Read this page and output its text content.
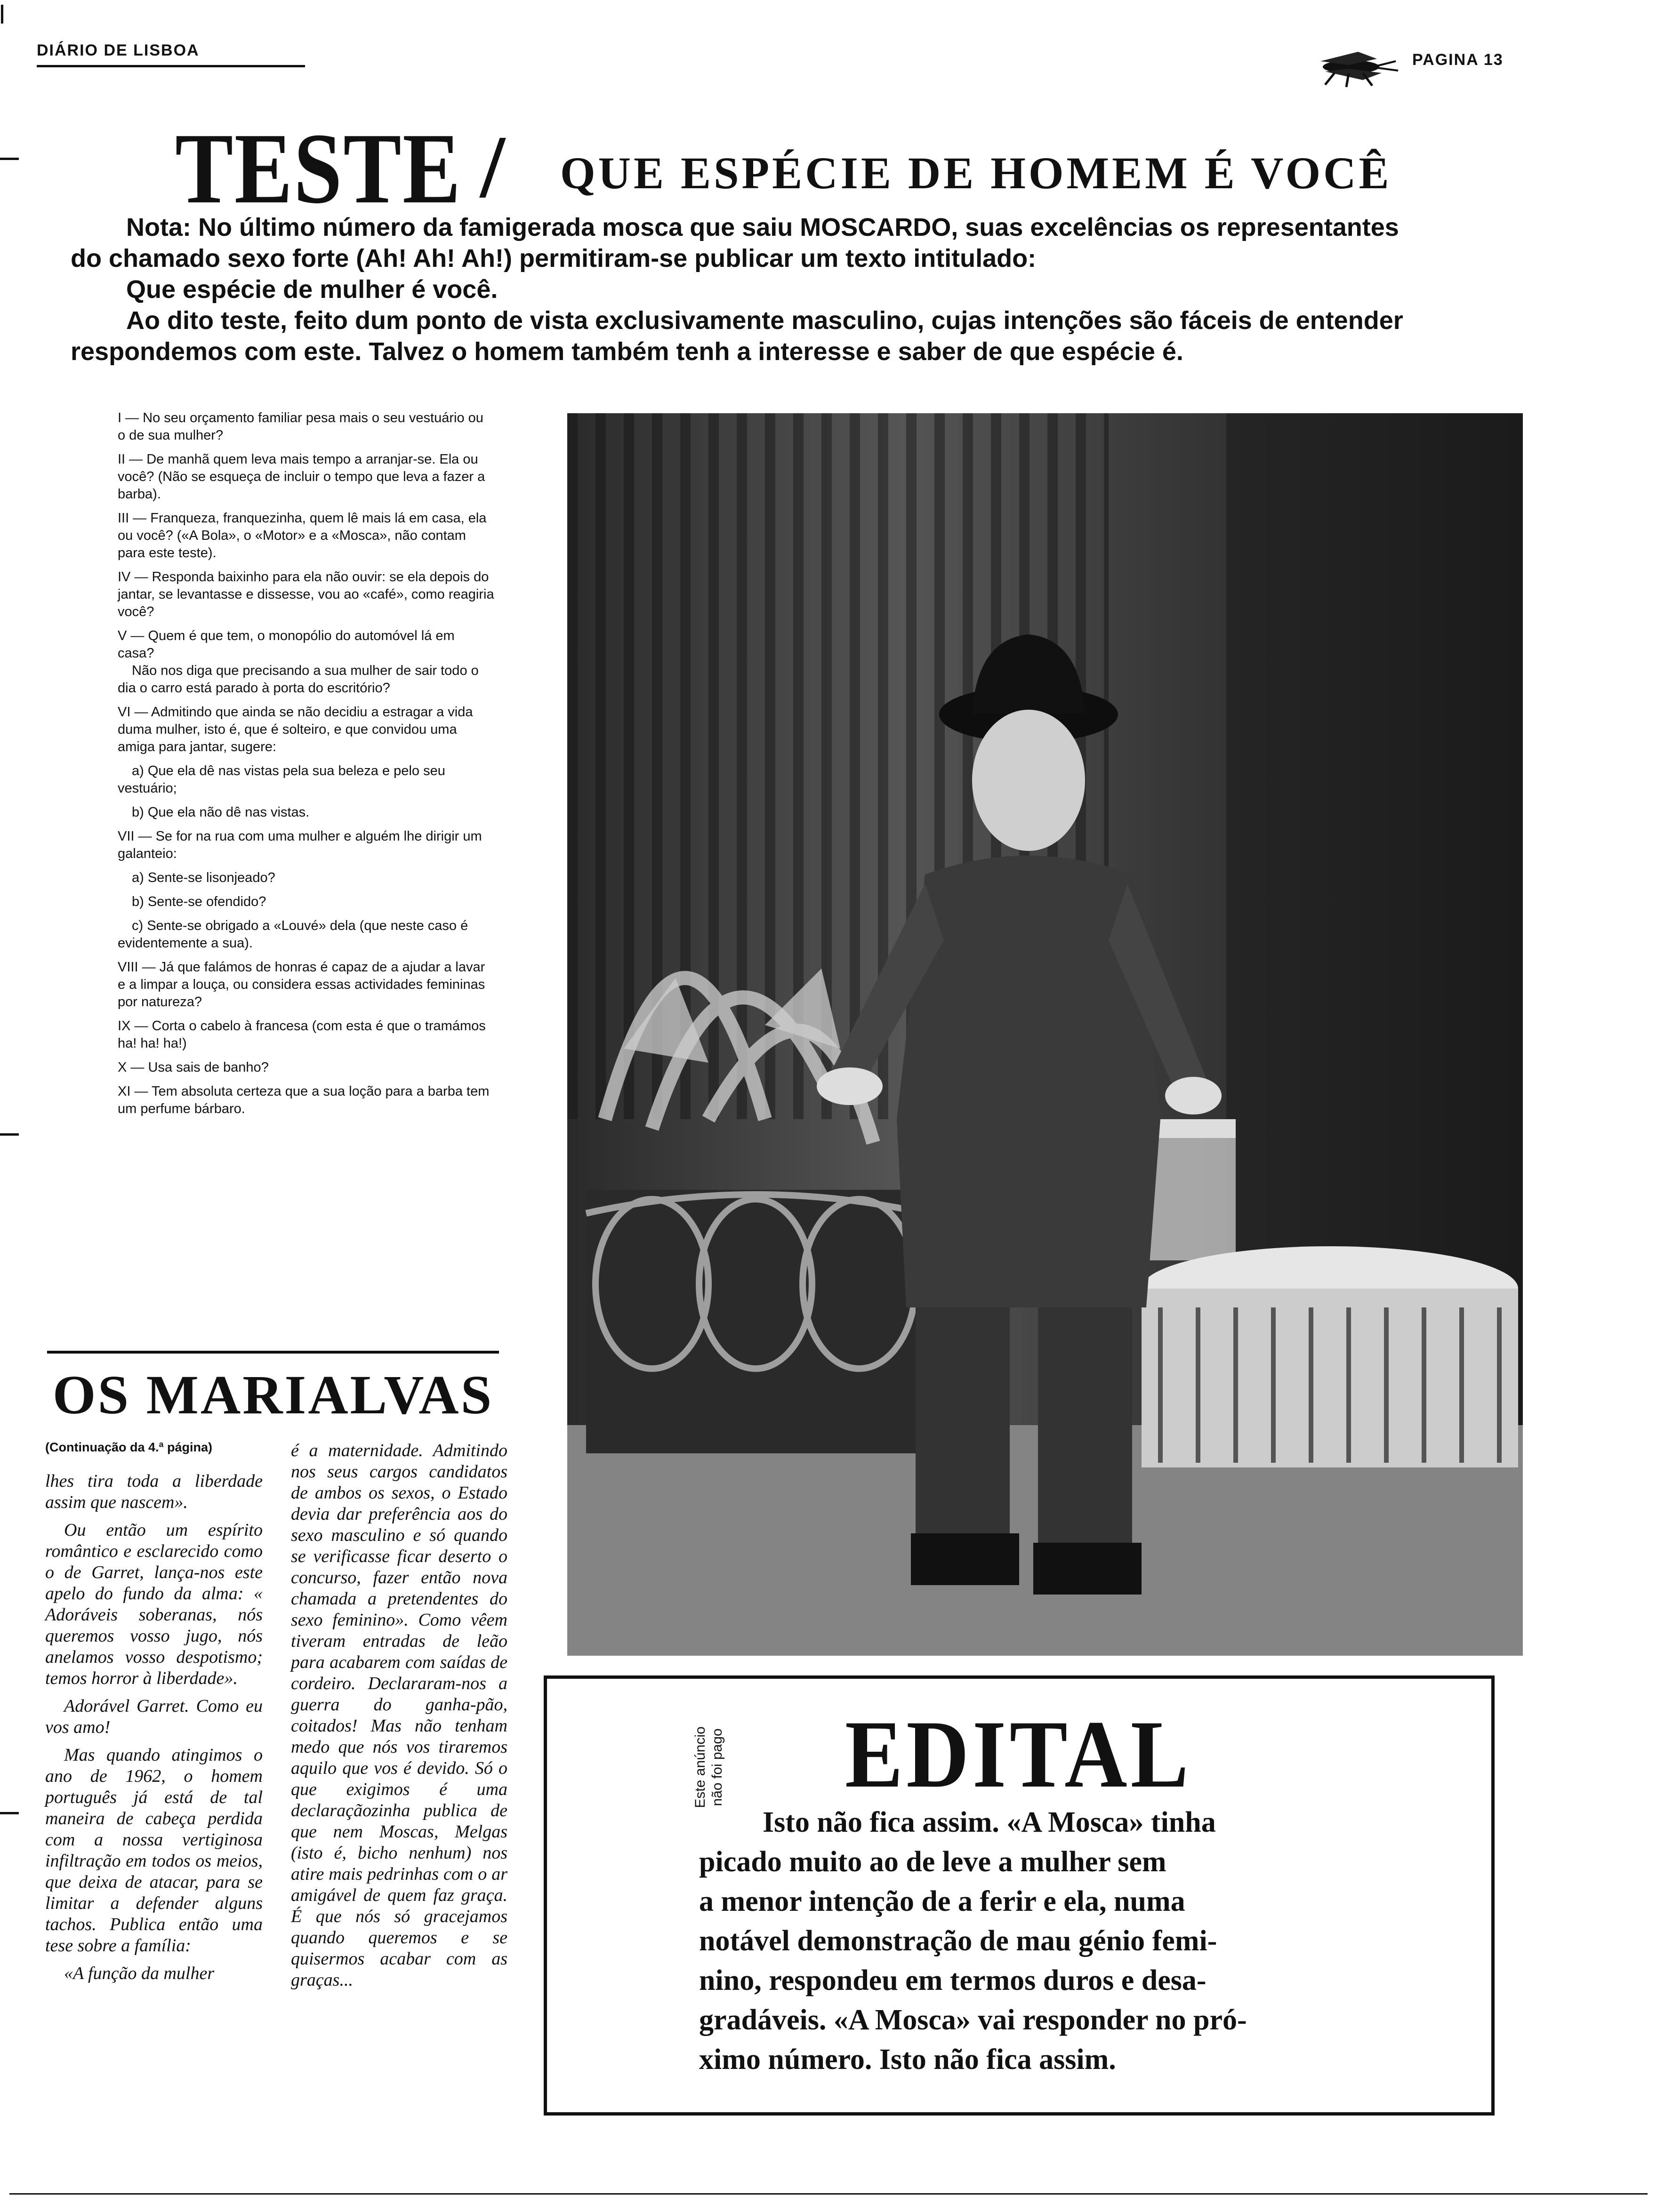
DIÁRIO DE LISBOA
PAGINA 13
TESTE / QUE ESPÉCIE DE HOMEM É VOCÊ

Nota: No último número da famigerada mosca que saiu MOSCARDO, suas excelências os representantes

do chamado sexo forte (Ah! Ah! Ah!) permitiram-se publicar um texto intitulado:

Que espécie de mulher é você.

Ao dito teste, feito dum ponto de vista exclusivamente masculino, cujas intenções são fáceis de entender

respondemos com este. Talvez o homem também tenh a interesse e saber de que espécie é.

I — No seu orçamento familiar pesa mais o seu vestuário ou o de sua mulher?
II — De manhã quem leva mais tempo a arranjar-se. Ela ou você? (Não se esqueça de incluir o tempo que leva a fazer a barba).
III — Franqueza, franquezinha, quem lê mais lá em casa, ela ou você? («A Bola», o «Motor» e a «Mosca», não contam para este teste).
IV — Responda baixinho para ela não ouvir: se ela depois do jantar, se levantasse e dissesse, vou ao «café», como reagiria você?
V — Quem é que tem, o monopólio do automóvel lá em casa?
Não nos diga que precisando a sua mulher de sair todo o dia o carro está parado à porta do escritório?
VI — Admitindo que ainda se não decidiu a estragar a vida duma mulher, isto é, que é solteiro, e que convidou uma amiga para jantar, sugere:
a) Que ela dê nas vistas pela sua beleza e pelo seu vestuário;
b) Que ela não dê nas vistas.
VII — Se for na rua com uma mulher e alguém lhe dirigir um galanteio:
a) Sente-se lisonjeado?
b) Sente-se ofendido?
c) Sente-se obrigado a «Louvé» dela (que neste caso é evidentemente a sua).
VIII — Já que falámos de honras é capaz de a ajudar a lavar e a limpar a louça, ou considera essas actividades femininas por natureza?
IX — Corta o cabelo à francesa (com esta é que o tramámos ha! ha! ha!)
X — Usa sais de banho?
XI — Tem absoluta certeza que a sua loção para a barba tem um perfume bárbaro.
OS MARIALVAS
(Continuação da 4.ª página)
lhes tira toda a liberdade assim que nascem».
Ou então um espírito romântico e esclarecido como o de Garret, lança-nos este apelo do fundo da alma: « Adoráveis soberanas, nós queremos vosso jugo, nós anelamos vosso despotismo; temos horror à liberdade».
Adorável Garret. Como eu vos amo!
Mas quando atingimos o ano de 1962, o homem português já está de tal maneira de cabeça perdida com a nossa vertiginosa infiltração em todos os meios, que deixa de atacar, para se limitar a defender alguns tachos. Publica então uma tese sobre a família:
«A função da mulher
é a maternidade. Admitindo nos seus cargos candidatos de ambos os sexos, o Estado devia dar preferência aos do sexo masculino e só quando se verificasse ficar deserto o concurso, fazer então nova chamada a pretendentes do sexo feminino». Como vêem tiveram entradas de leão para acabarem com saídas de cordeiro. Declararam-nos a guerra do ganha-pão, coitados! Mas não tenham medo que nós vos tiraremos aquilo que vos é devido. Só o que exigimos é uma declaraçãozinha publica de que nem Moscas, Melgas (isto é, bicho nenhum) nos atire mais pedrinhas com o ar amigável de quem faz graça. É que nós só gracejamos quando queremos e se quisermos acabar com as graças...
Este anúncio não foi pago EDITAL
Isto não fica assim. «A Mosca» tinha
picado muito ao de leve a mulher sem
a menor intenção de a ferir e ela, numa
notável demonstração de mau génio femi-
nino, respondeu em termos duros e desa-
gradáveis. «A Mosca» vai responder no pró-
ximo número. Isto não fica assim.
